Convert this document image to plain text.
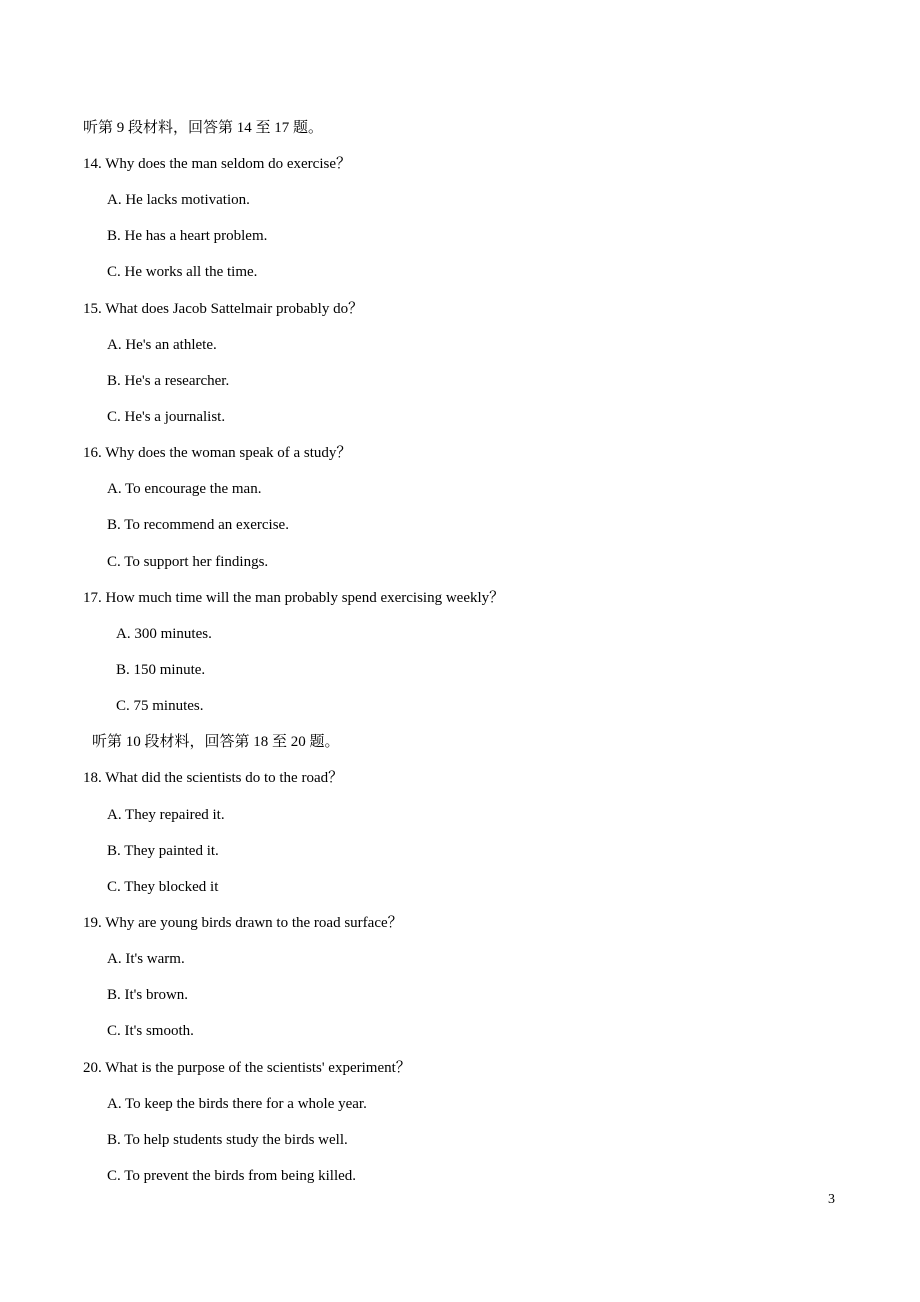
听第 9 段材料，回答第 14 至 17 题。
14. Why does the man seldom do exercise？
A. He lacks motivation.
B. He has a heart problem.
C. He works all the time.
15. What does Jacob Sattelmair probably do？
A. He's an athlete.
B. He's a researcher.
C. He's a journalist.
16. Why does the woman speak of a study？
A. To encourage the man.
B. To recommend an exercise.
C. To support her findings.
17. How much time will the man probably spend exercising weekly？
A. 300 minutes.
B. 150 minute.
C. 75 minutes.
听第 10 段材料，回答第 18 至 20 题。
18. What did the scientists do to the road？
A. They repaired it.
B. They painted it.
C. They blocked it
19. Why are young birds drawn to the road surface？
A. It's warm.
B. It's brown.
C. It's smooth.
20. What is the purpose of the scientists' experiment？
A. To keep the birds there for a whole year.
B. To help students study the birds well.
C. To prevent the birds from being killed.
3
